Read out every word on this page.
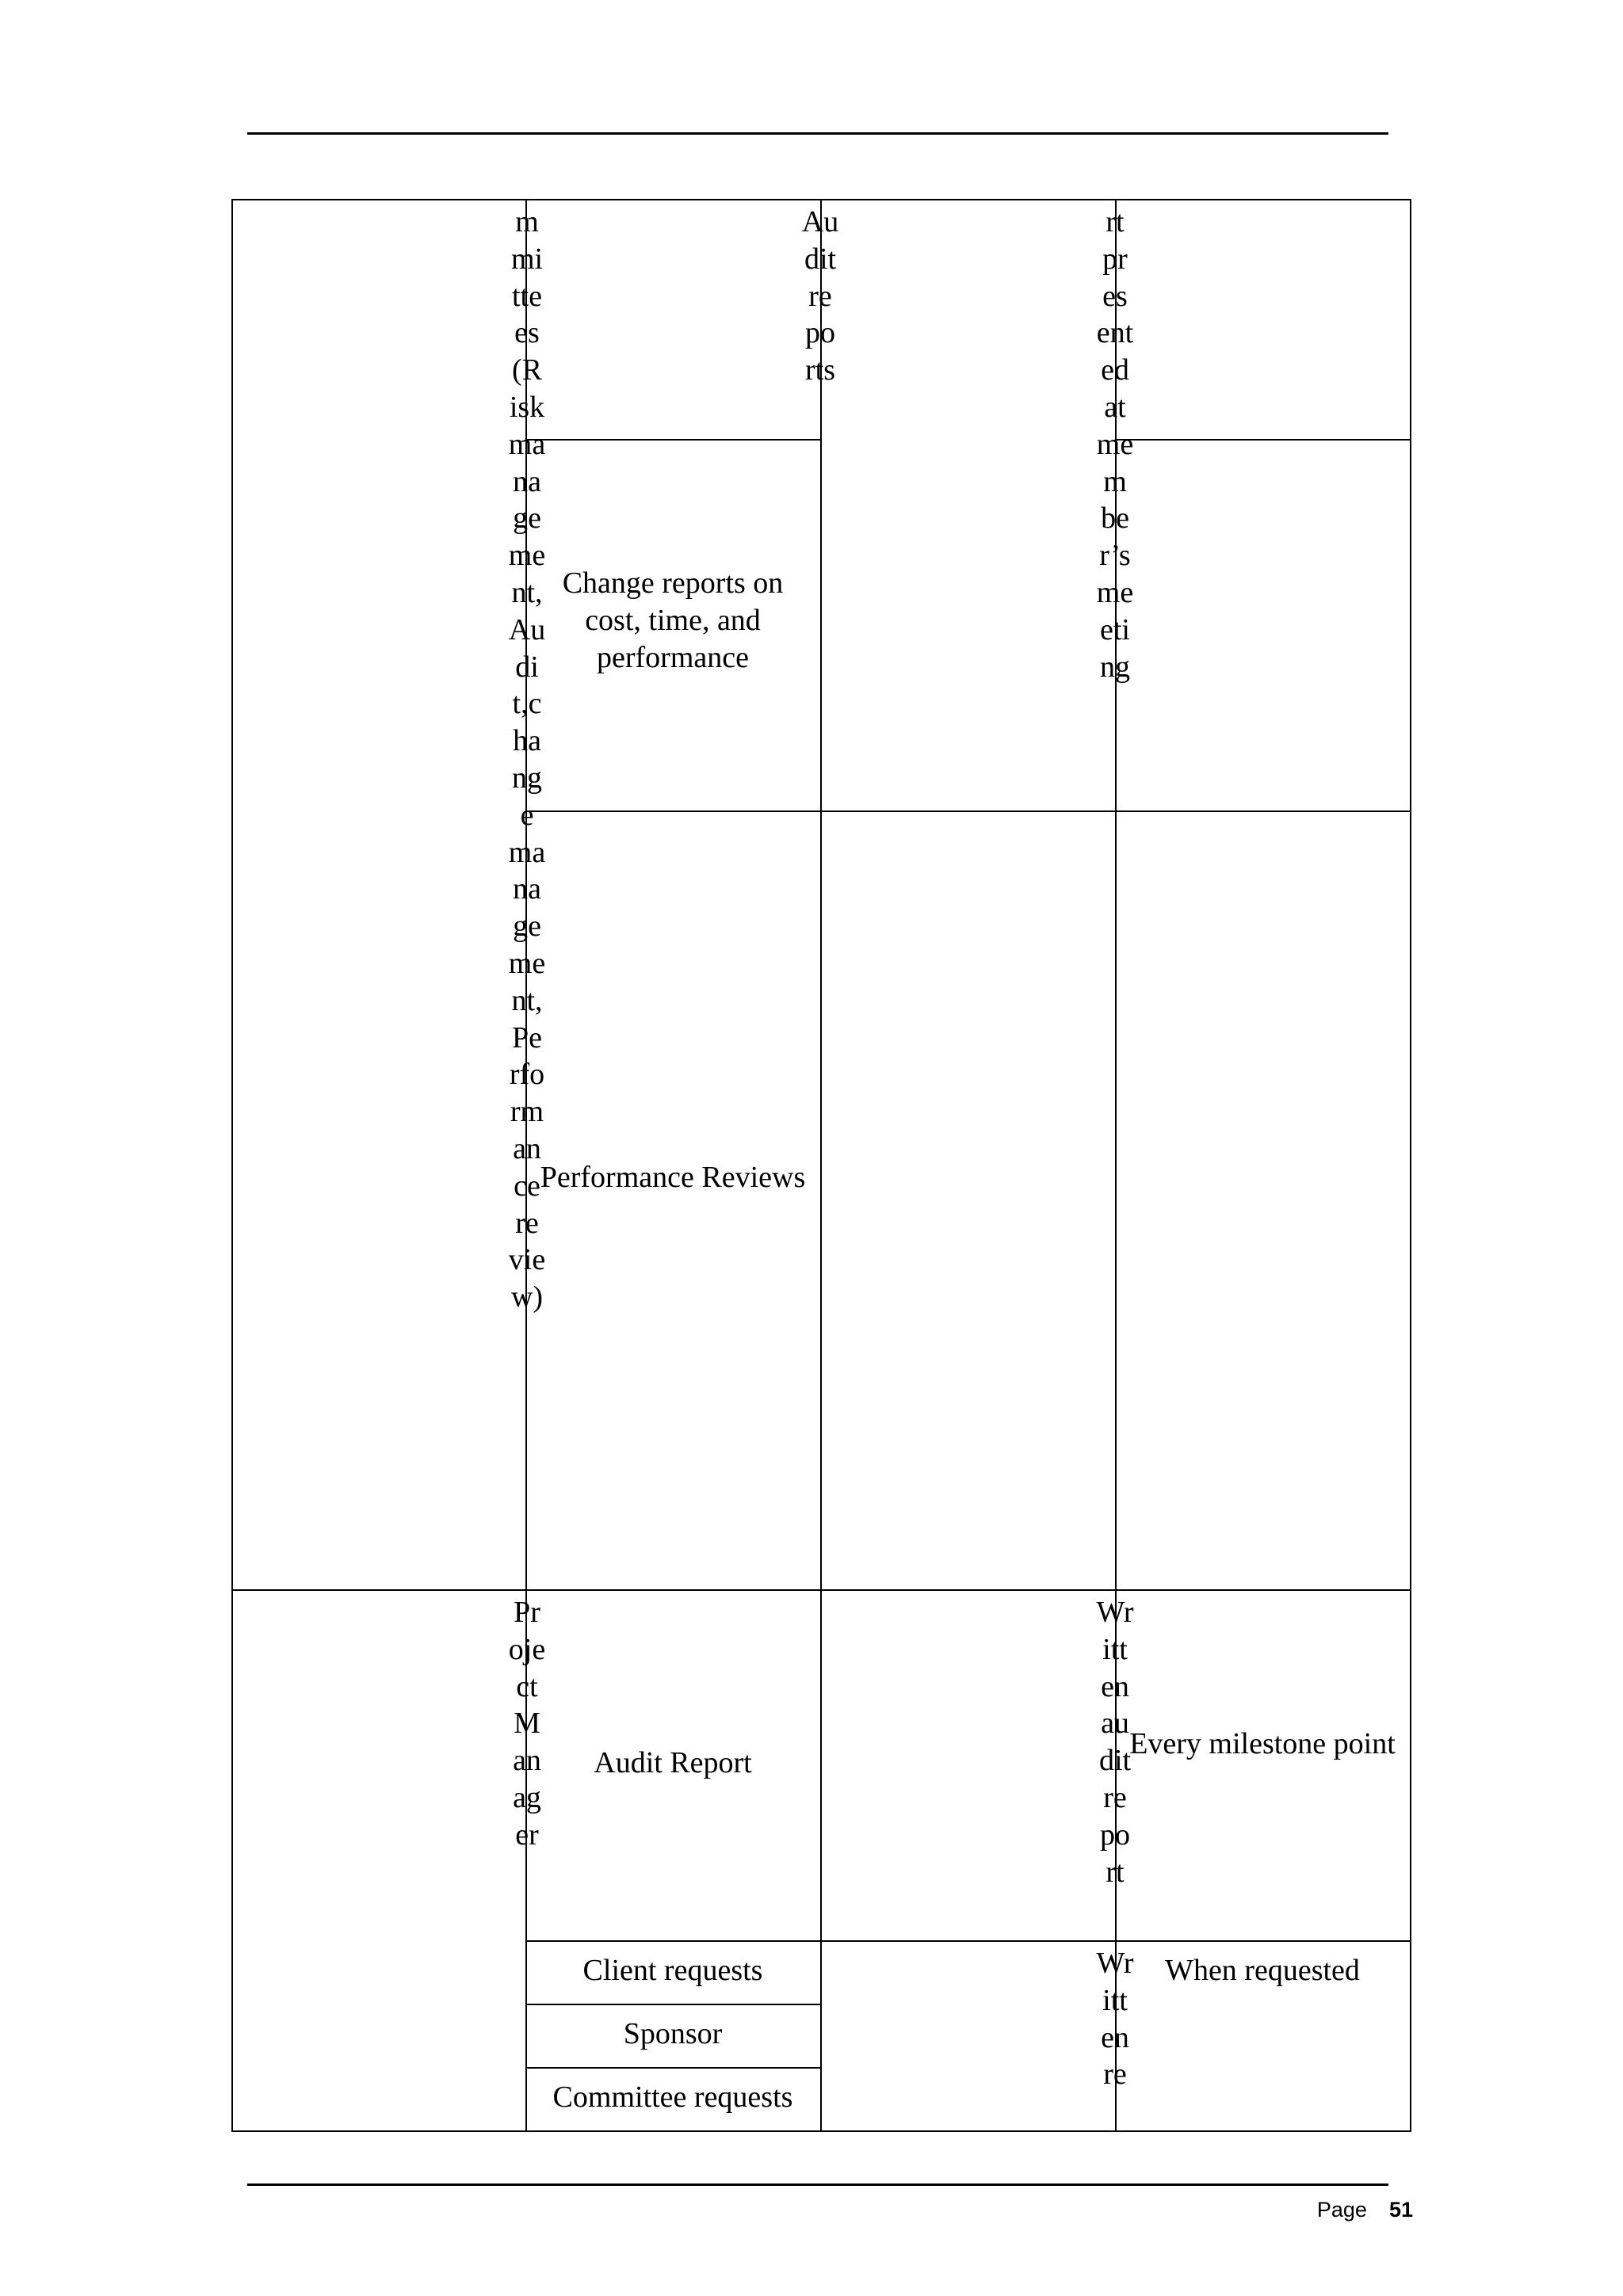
mmittees(Risk management,Audit,change management,Performance review)
Audit reports
Change reports on cost, time, and performance
Performance Reviews
rt presented at member’s meeting
Project Manager
Audit Report
Written audit report
Every milestone point
Client requests
Sponsor
Committee requests
Written re
When requested
Page 51
